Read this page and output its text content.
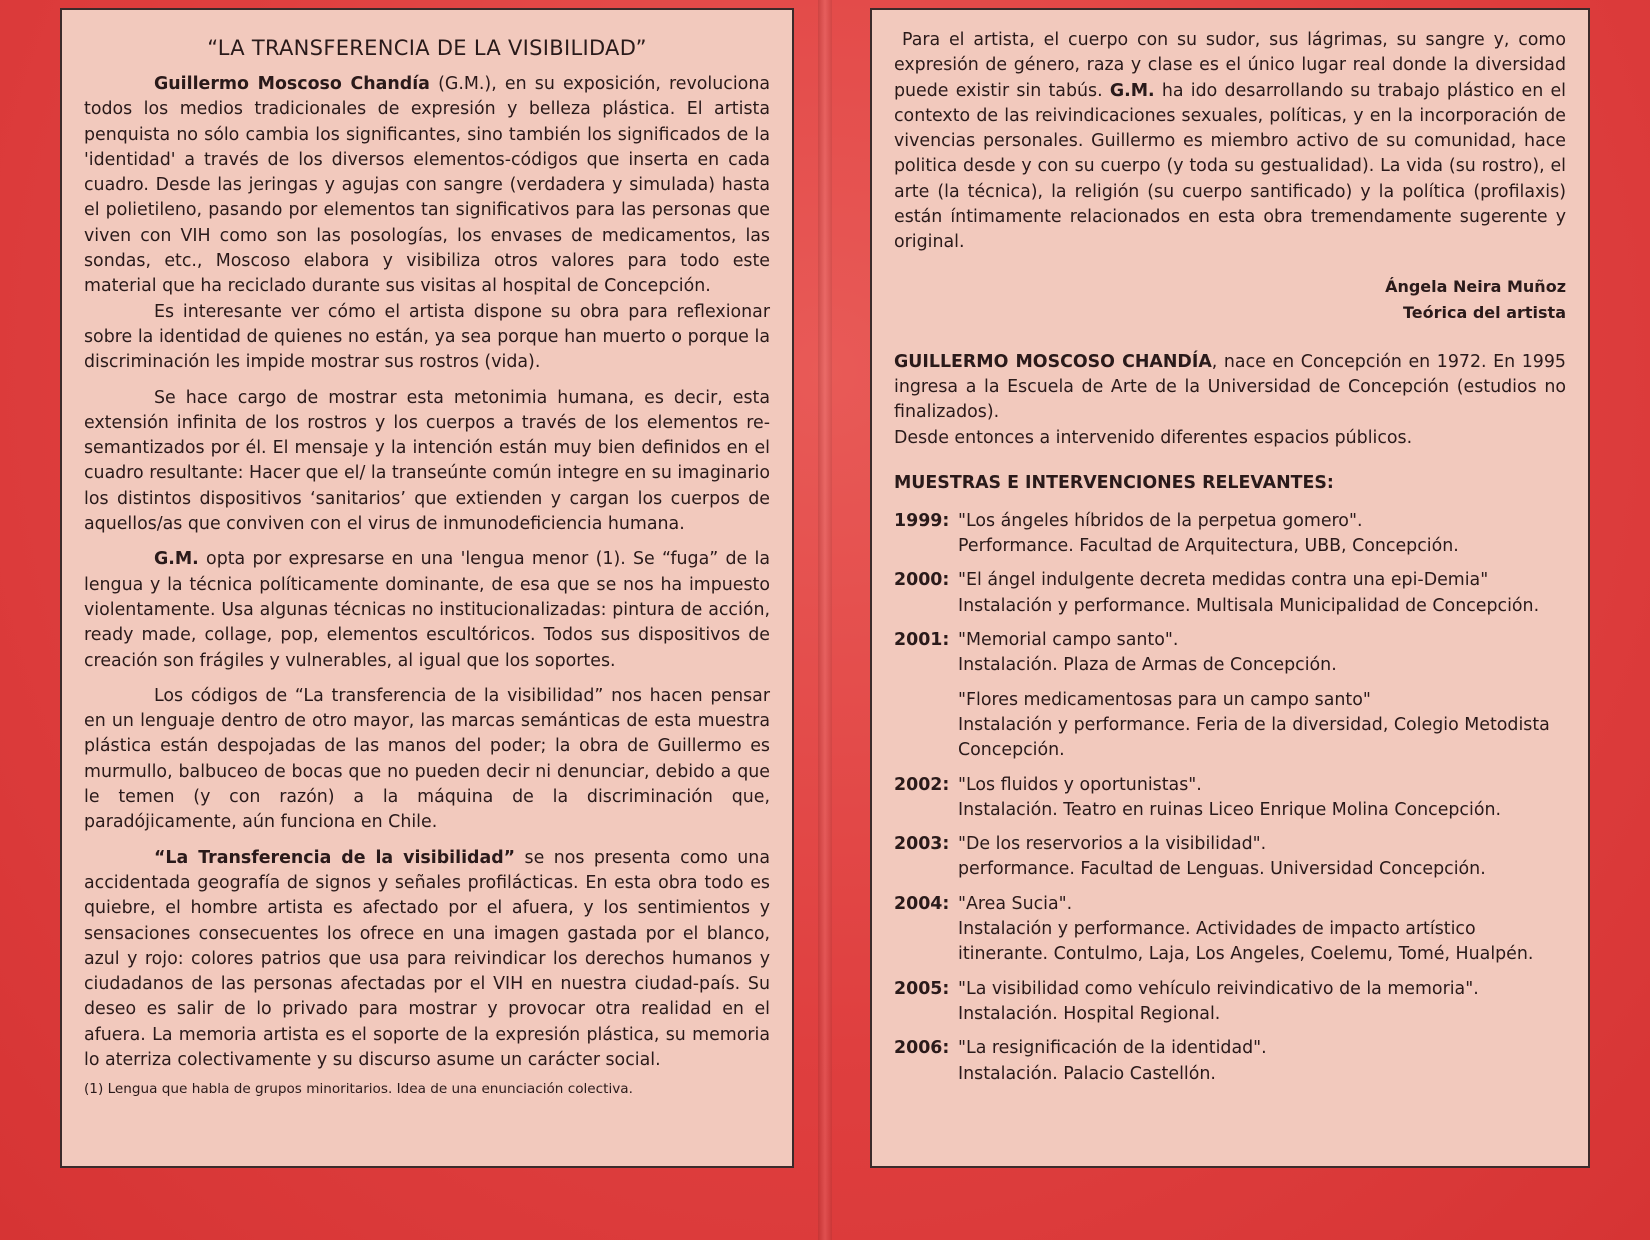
“LA TRANSFERENCIA DE LA VISIBILIDAD”

Guillermo Moscoso Chandía (G.M.), en su exposición, revoluciona todos los medios tradicionales de expresión y belleza plástica. El artista penquista no sólo cambia los significantes, sino también los significados de la 'identidad' a través de los diversos elementos-códigos que inserta en cada cuadro. Desde las jeringas y agujas con sangre (verdadera y simulada) hasta el polietileno, pasando por elementos tan significativos para las personas que viven con VIH como son las posologías, los envases de medicamentos, las sondas, etc., Moscoso elabora y visibiliza otros valores para todo este material que ha reciclado durante sus visitas al hospital de Concepción.

Es interesante ver cómo el artista dispone su obra para reflexionar sobre la identidad de quienes no están, ya sea porque han muerto o porque la discriminación les impide mostrar sus rostros (vida).

Se hace cargo de mostrar esta metonimia humana, es decir, esta extensión infinita de los rostros y los cuerpos a través de los elementos re-semantizados por él. El mensaje y la intención están muy bien definidos en el cuadro resultante: Hacer que el/ la transeúnte común integre en su imaginario los distintos dispositivos ‘sanitarios’ que extienden y cargan los cuerpos de aquellos/as que conviven con el virus de inmunodeficiencia humana.

G.M. opta por expresarse en una 'lengua menor (1). Se “fuga” de la lengua y la técnica políticamente dominante, de esa que se nos ha impuesto violentamente. Usa algunas técnicas no institucionalizadas: pintura de acción, ready made, collage, pop, elementos escultóricos. Todos sus dispositivos de creación son frágiles y vulnerables, al igual que los soportes.

Los códigos de “La transferencia de la visibilidad” nos hacen pensar en un lenguaje dentro de otro mayor, las marcas semánticas de esta muestra plástica están despojadas de las manos del poder; la obra de Guillermo es murmullo, balbuceo de bocas que no pueden decir ni denunciar, debido a que le temen (y con razón) a la máquina de la discriminación que, paradójicamente, aún funciona en Chile.

“La Transferencia de la visibilidad” se nos presenta como una accidentada geografía de signos y señales profilácticas. En esta obra todo es quiebre, el hombre artista es afectado por el afuera, y los sentimientos y sensaciones consecuentes los ofrece en una imagen gastada por el blanco, azul y rojo: colores patrios que usa para reivindicar los derechos humanos y ciudadanos de las personas afectadas por el VIH en nuestra ciudad-país. Su deseo es salir de lo privado para mostrar y provocar otra realidad en el afuera. La memoria artista es el soporte de la expresión plástica, su memoria lo aterriza colectivamente y su discurso asume un carácter social.

(1) Lengua que habla de grupos minoritarios. Idea de una enunciación colectiva.

Para el artista, el cuerpo con su sudor, sus lágrimas, su sangre y, como expresión de género, raza y clase es el único lugar real donde la diversidad puede existir sin tabús. G.M. ha ido desarrollando su trabajo plástico en el contexto de las reivindicaciones sexuales, políticas, y en la incorporación de vivencias personales. Guillermo es miembro activo de su comunidad, hace politica desde y con su cuerpo (y toda su gestualidad). La vida (su rostro), el arte (la técnica), la religión (su cuerpo santificado) y la política (profilaxis) están íntimamente relacionados en esta obra tremendamente sugerente y original.

Ángela Neira Muñoz
Teórica del artista

GUILLERMO MOSCOSO CHANDÍA, nace en Concepción en 1972. En 1995 ingresa a la Escuela de Arte de la Universidad de Concepción (estudios no finalizados).

Desde entonces a intervenido diferentes espacios públicos.

MUESTRAS E INTERVENCIONES RELEVANTES:
1999: "Los ángeles híbridos de la perpetua gomero".
Performance. Facultad de Arquitectura, UBB, Concepción.
2000: "El ángel indulgente decreta medidas contra una epi-Demia"
Instalación y performance. Multisala Municipalidad de Concepción.
2001: "Memorial campo santo".
Instalación. Plaza de Armas de Concepción.
"Flores medicamentosas para un campo santo"
Instalación y performance. Feria de la diversidad, Colegio Metodista Concepción.
2002: "Los fluidos y oportunistas".
Instalación. Teatro en ruinas Liceo Enrique Molina Concepción.
2003: "De los reservorios a la visibilidad".
performance. Facultad de Lenguas. Universidad Concepción.
2004: "Area Sucia".
Instalación y performance. Actividades de impacto artístico itinerante. Contulmo, Laja, Los Angeles, Coelemu, Tomé, Hualpén.
2005: "La visibilidad como vehículo reivindicativo de la memoria".
Instalación. Hospital Regional.
2006: "La resignificación de la identidad".
Instalación. Palacio Castellón.
